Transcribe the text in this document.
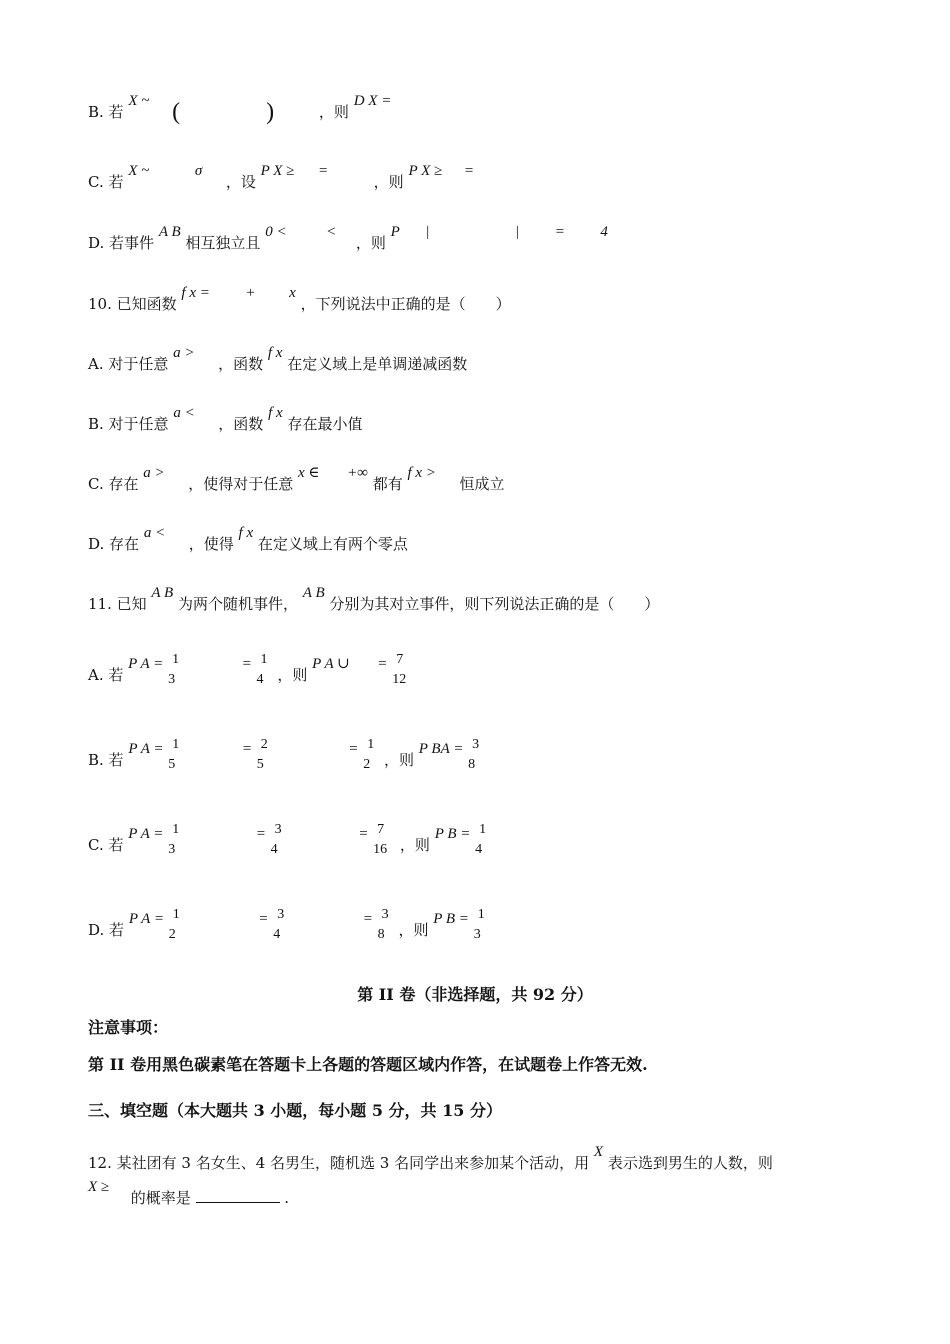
B. 若 X ~ ( ) ，则 D X =
C. 若 X ~	σ  ，设 P X ≥ =  ，则 P X ≥ =
D. 若事件 A B 相互独立且 0 <	<  ，则 P |	| = 4
10. 已知函数 f x = + x ，下列说法中正确的是（　　）
A. 对于任意 a >  ，函数 f x 在定义域上是单调递减函数
B. 对于任意 a <  ，函数 f x 存在最小值
C. 存在 a >  ，使得对于任意 x ∈ +∞ 都有 f x >  恒成立
D. 存在 a <  ，使得 f x 在定义域上有两个零点
11. 已知 A B 为两个随机事件， A B 分别为其对立事件，则下列说法正确的是（　　）
A. 若 P A = 1
3
= 1
4 ，则 P A ∪ = 7
12
B. 若 P A = 1
5
= 2
5
= 1
2 ，则 P BA = 3
8
C. 若 P A = 1
3
= 3
4
= 7
16 ，则 P B = 1
4
D. 若 P A = 1
2
= 3
4
= 3
8 ，则 P B = 1
3
第 II 卷（非选择题，共 92 分）
注意事项：
第 II 卷用黑色碳素笔在答题卡上各题的答题区域内作答，在试题卷上作答无效.
三、填空题（本大题共 3 小题，每小题 5 分，共 15 分）
12. 某社团有 3 名女生、4 名男生，随机选 3 名同学出来参加某个活动，用 X 表示选到男生的人数，则
X ≥  的概率是	.
